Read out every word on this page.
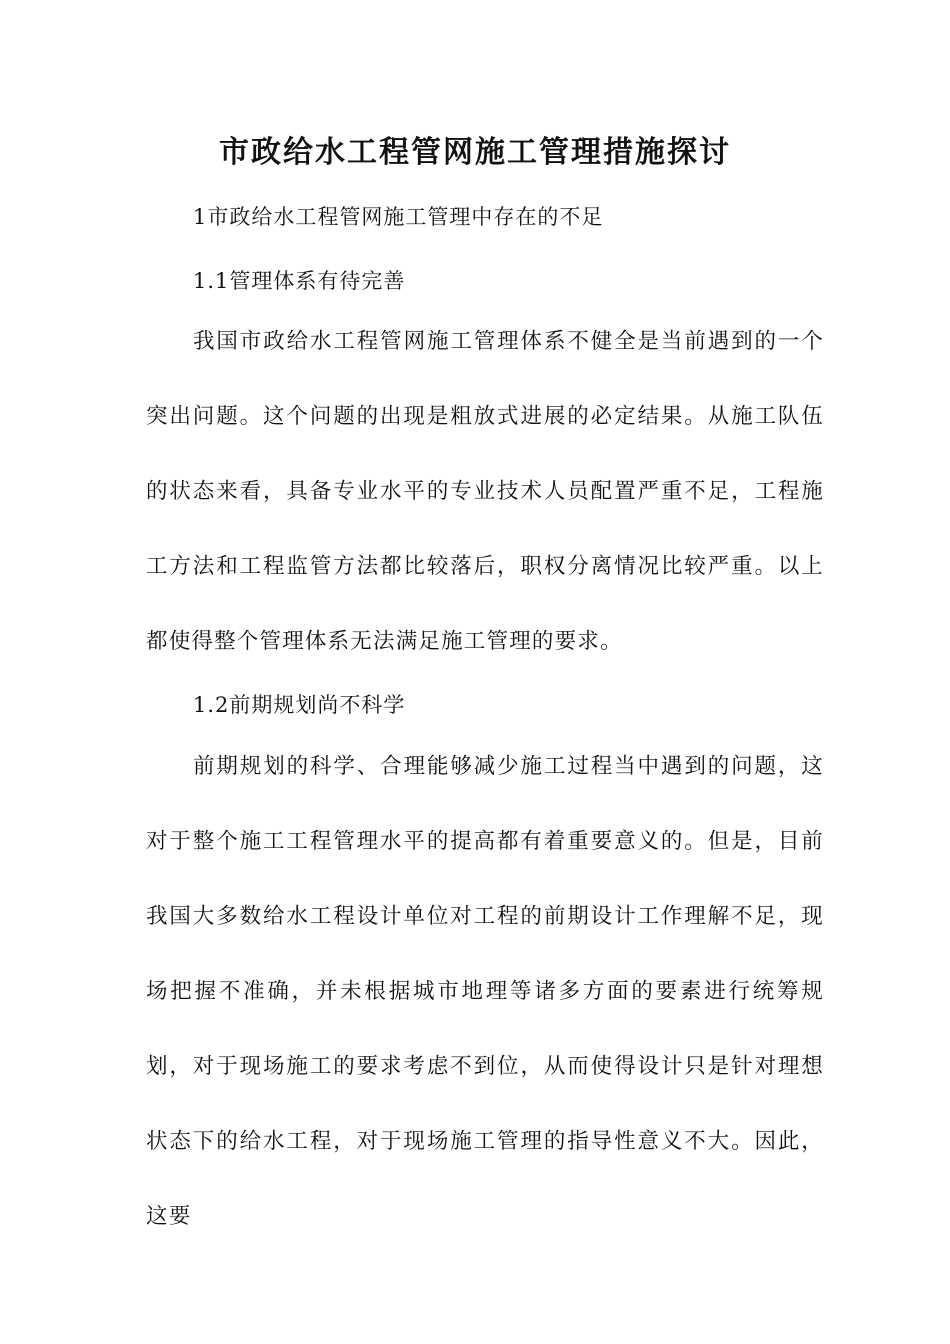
市政给水工程管网施工管理措施探讨

1市政给水工程管网施工管理中存在的不足

1.1管理体系有待完善

我国市政给水工程管网施工管理体系不健全是当前遇到的一个突出问题。这个问题的出现是粗放式进展的必定结果。从施工队伍的状态来看，具备专业水平的专业技术人员配置严重不足，工程施工方法和工程监管方法都比较落后，职权分离情况比较严重。以上都使得整个管理体系无法满足施工管理的要求。

1.2前期规划尚不科学

前期规划的科学、合理能够减少施工过程当中遇到的问题，这对于整个施工工程管理水平的提高都有着重要意义的。但是，目前我国大多数给水工程设计单位对工程的前期设计工作理解不足，现场把握不准确，并未根据城市地理等诸多方面的要素进行统筹规划，对于现场施工的要求考虑不到位，从而使得设计只是针对理想状态下的给水工程，对于现场施工管理的指导性意义不大。因此，这要
